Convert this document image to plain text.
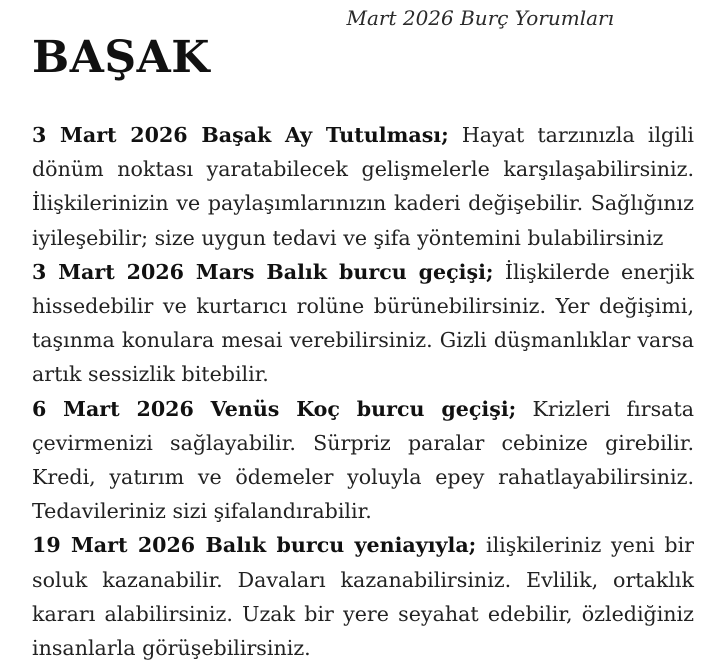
Mart 2026 Burç Yorumları
BAŞAK

3 Mart 2026 Başak Ay Tutulması; Hayat tarzınızla ilgili dönüm noktası yaratabilecek gelişmelerle karşılaşabilirsiniz. İlişkilerinizin ve paylaşımlarınızın kaderi değişebilir. Sağlığınız iyileşebilir; size uygun tedavi ve şifa yöntemini bulabilirsiniz

3 Mart 2026 Mars Balık burcu geçişi; İlişkilerde enerjik hissedebilir ve kurtarıcı rolüne bürünebilirsiniz. Yer değişimi, taşınma konulara mesai verebilirsiniz. Gizli düşmanlıklar varsa artık sessizlik bitebilir.

6 Mart 2026 Venüs Koç burcu geçişi; Krizleri fırsata çevirmenizi sağlayabilir. Sürpriz paralar cebinize girebilir. Kredi, yatırım ve ödemeler yoluyla epey rahatlayabilirsiniz. Tedavileriniz sizi şifalandırabilir.

19 Mart 2026 Balık burcu yeniayıyla; ilişkileriniz yeni bir soluk kazanabilir. Davaları kazanabilirsiniz. Evlilik, ortaklık kararı alabilirsiniz. Uzak bir yere seyahat edebilir, özlediğiniz insanlarla görüşebilirsiniz.
